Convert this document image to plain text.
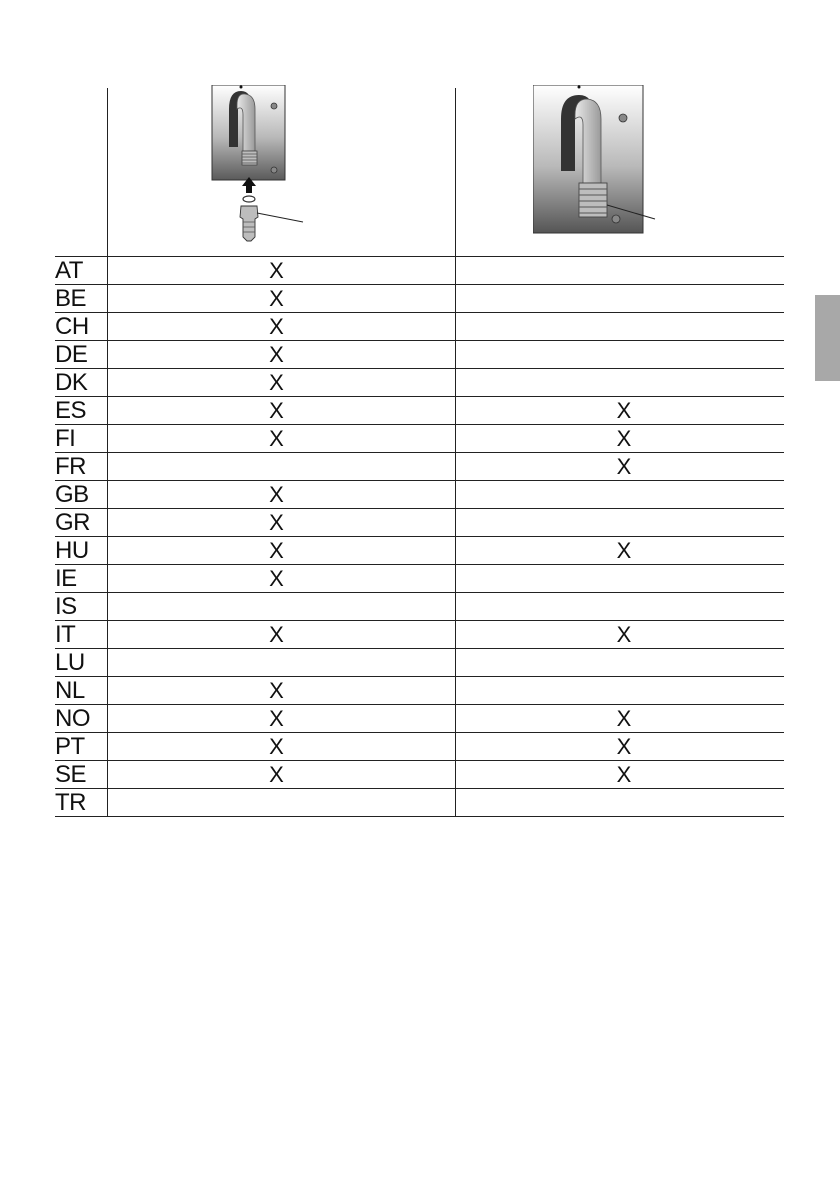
AT	X	
BE	X	
CH	X	
DE	X	
DK	X	
ES	X	X
FI	X	X
FR		X
GB	X	
GR	X	
HU	X	X
IE	X	
IS		
IT	X	X
LU		
NL	X	
NO	X	X
PT	X	X
SE	X	X
TR		
